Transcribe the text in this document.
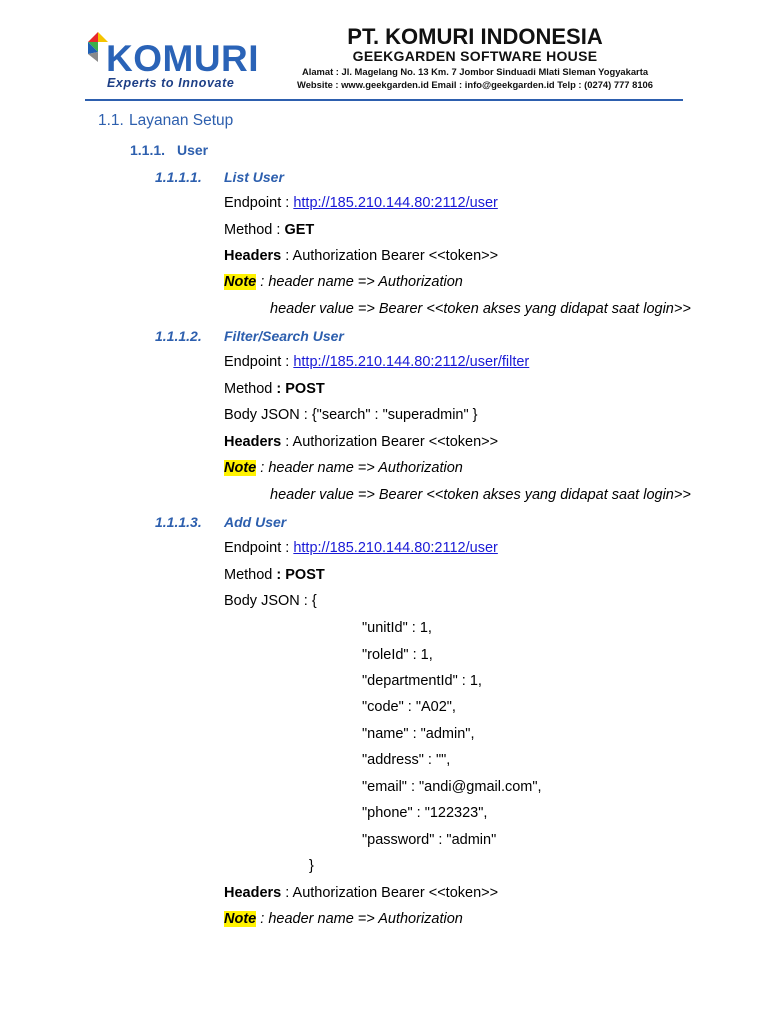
KOMURI
Experts to Innovate
PT. KOMURI INDONESIA
GEEKGARDEN SOFTWARE HOUSE
Alamat : Jl. Magelang No. 13 Km. 7 Jombor Sinduadi Mlati Sleman Yogyakarta
Website : www.geekgarden.id Email : info@geekgarden.id Telp : (0274) 777 8106
1.1. Layanan Setup
1.1.1. User
1.1.1.1. List User
Endpoint : http://185.210.144.80:2112/user
Method : GET
Headers : Authorization Bearer <<token>>
Note : header name => Authorization
header value => Bearer <<token akses yang didapat saat login>>
1.1.1.2. Filter/Search User
Endpoint : http://185.210.144.80:2112/user/filter
Method : POST
Body JSON : {"search" : "superadmin" }
Headers : Authorization Bearer <<token>>
Note : header name => Authorization
header value => Bearer <<token akses yang didapat saat login>>
1.1.1.3. Add User
Endpoint : http://185.210.144.80:2112/user
Method : POST
Body JSON : {
"unitId" : 1,
"roleId" : 1,
"departmentId" : 1,
"code" : "A02",
"name" : "admin",
"address" : "",
"email" : "andi@gmail.com",
"phone" : "122323",
"password" : "admin"
}
Headers : Authorization Bearer <<token>>
Note : header name => Authorization
